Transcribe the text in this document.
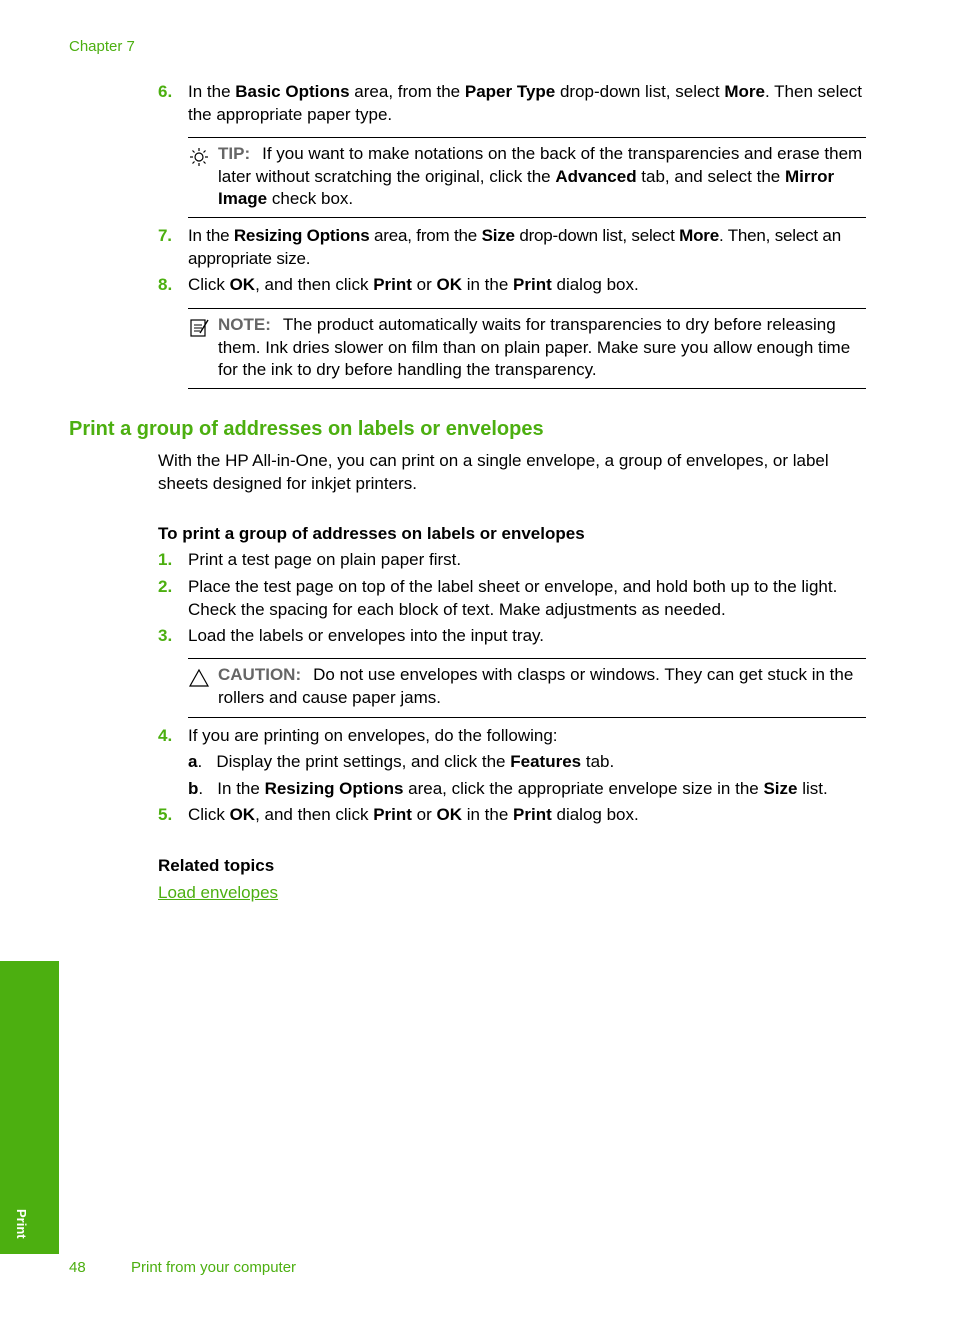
Chapter 7
6. In the Basic Options area, from the Paper Type drop-down list, select More. Then select the appropriate paper type.
TIP: If you want to make notations on the back of the transparencies and erase them later without scratching the original, click the Advanced tab, and select the Mirror Image check box.
7. In the Resizing Options area, from the Size drop-down list, select More. Then, select an appropriate size.
8. Click OK, and then click Print or OK in the Print dialog box.
NOTE: The product automatically waits for transparencies to dry before releasing them. Ink dries slower on film than on plain paper. Make sure you allow enough time for the ink to dry before handling the transparency.
Print a group of addresses on labels or envelopes
With the HP All-in-One, you can print on a single envelope, a group of envelopes, or label sheets designed for inkjet printers.
To print a group of addresses on labels or envelopes
1. Print a test page on plain paper first.
2. Place the test page on top of the label sheet or envelope, and hold both up to the light. Check the spacing for each block of text. Make adjustments as needed.
3. Load the labels or envelopes into the input tray.
CAUTION: Do not use envelopes with clasps or windows. They can get stuck in the rollers and cause paper jams.
4. If you are printing on envelopes, do the following:
a.   Display the print settings, and click the Features tab.
b.   In the Resizing Options area, click the appropriate envelope size in the Size list.
5. Click OK, and then click Print or OK in the Print dialog box.
Related topics
Load envelopes
Print
48	Print from your computer
